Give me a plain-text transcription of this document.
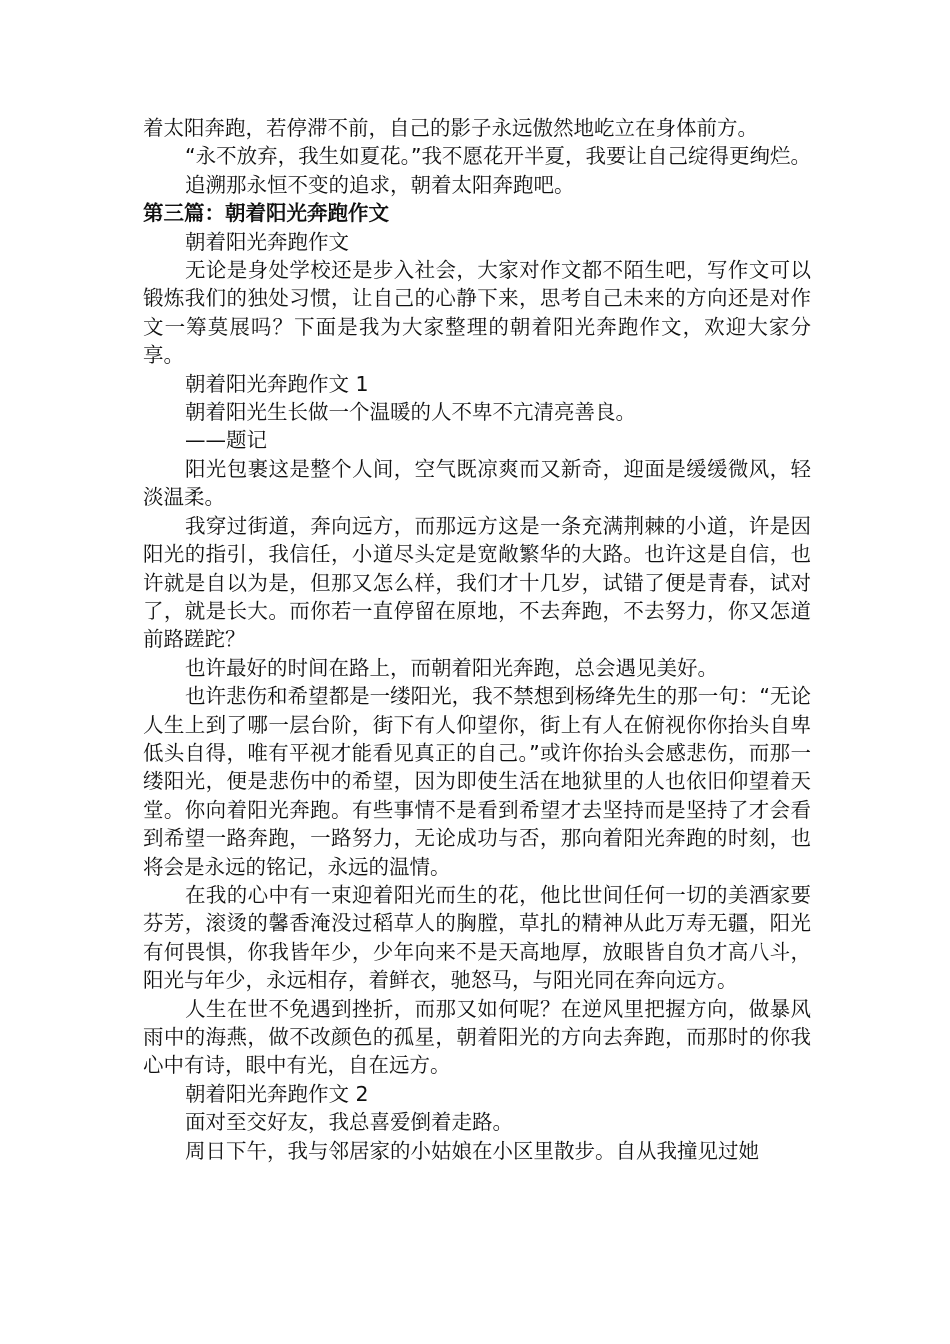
着太阳奔跑，若停滞不前，自己的影子永远傲然地屹立在身体前方。

“永不放弃，我生如夏花。”我不愿花开半夏，我要让自己绽得更绚烂。

追溯那永恒不变的追求，朝着太阳奔跑吧。

第三篇：朝着阳光奔跑作文

朝着阳光奔跑作文

无论是身处学校还是步入社会，大家对作文都不陌生吧，写作文可以锻炼我们的独处习惯，让自己的心静下来，思考自己未来的方向还是对作文一筹莫展吗？下面是我为大家整理的朝着阳光奔跑作文，欢迎大家分享。

朝着阳光奔跑作文 1

朝着阳光生长做一个温暖的人不卑不亢清亮善良。

——题记

阳光包裹这是整个人间，空气既凉爽而又新奇，迎面是缓缓微风，轻淡温柔。

我穿过街道，奔向远方，而那远方这是一条充满荆棘的小道，许是因阳光的指引，我信任，小道尽头定是宽敞繁华的大路。也许这是自信，也许就是自以为是，但那又怎么样，我们才十几岁，试错了便是青春，试对了，就是长大。而你若一直停留在原地，不去奔跑，不去努力，你又怎道前路蹉跎？

也许最好的时间在路上，而朝着阳光奔跑，总会遇见美好。

也许悲伤和希望都是一缕阳光，我不禁想到杨绛先生的那一句：“无论人生上到了哪一层台阶，街下有人仰望你，街上有人在俯视你你抬头自卑低头自得，唯有平视才能看见真正的自己。”或许你抬头会感悲伤，而那一缕阳光，便是悲伤中的希望，因为即使生活在地狱里的人也依旧仰望着天堂。你向着阳光奔跑。有些事情不是看到希望才去坚持而是坚持了才会看到希望一路奔跑，一路努力，无论成功与否，那向着阳光奔跑的时刻，也将会是永远的铭记，永远的温情。

在我的心中有一束迎着阳光而生的花，他比世间任何一切的美酒家要芬芳，滚烫的馨香淹没过稻草人的胸膛，草扎的精神从此万寿无疆，阳光有何畏惧，你我皆年少，少年向来不是天高地厚，放眼皆自负才高八斗，阳光与年少，永远相存，着鲜衣，驰怒马，与阳光同在奔向远方。

人生在世不免遇到挫折，而那又如何呢？在逆风里把握方向，做暴风雨中的海燕，做不改颜色的孤星，朝着阳光的方向去奔跑，而那时的你我心中有诗，眼中有光，自在远方。

朝着阳光奔跑作文 2

面对至交好友，我总喜爱倒着走路。

周日下午，我与邻居家的小姑娘在小区里散步。自从我撞见过她
